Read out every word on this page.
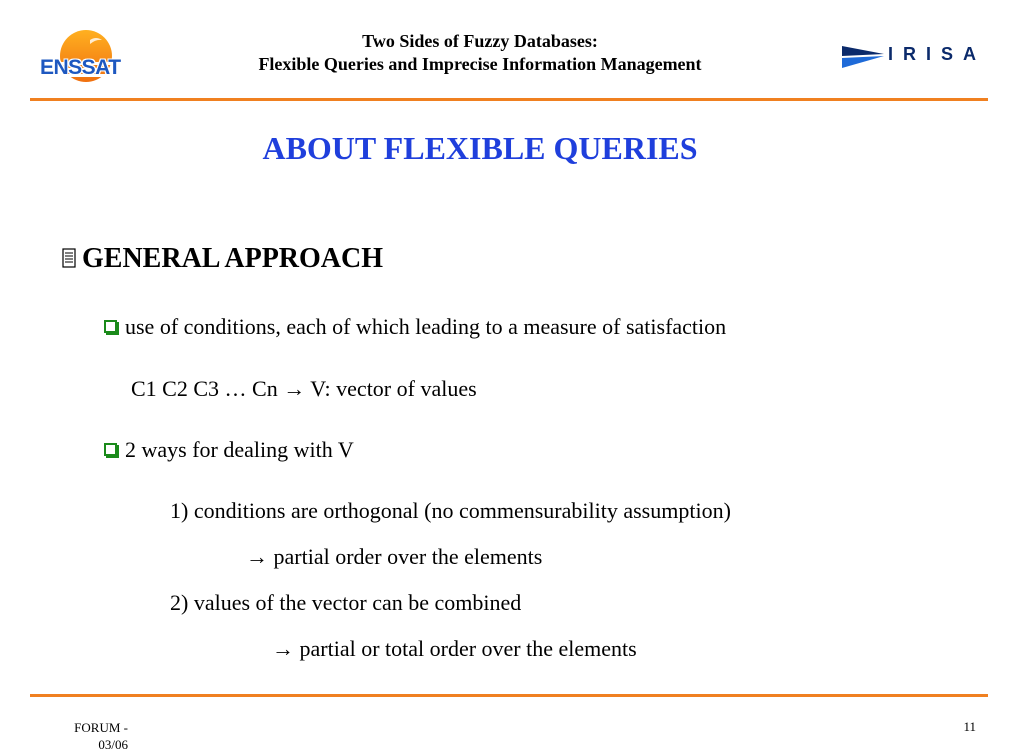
ENSSAT
Two Sides of Fuzzy Databases:
Flexible Queries and Imprecise Information Management	IRISA
ABOUT FLEXIBLE QUERIES
GENERAL APPROACH
use of conditions, each of which leading to a measure of satisfaction
C1 C2 C3 … Cn → V: vector of values
2 ways for dealing with V
1) conditions are orthogonal (no commensurability assumption)
→ partial order over the elements
2) values of the vector can be combined
→ partial or total order over the elements
FORUM -
03/06
11
